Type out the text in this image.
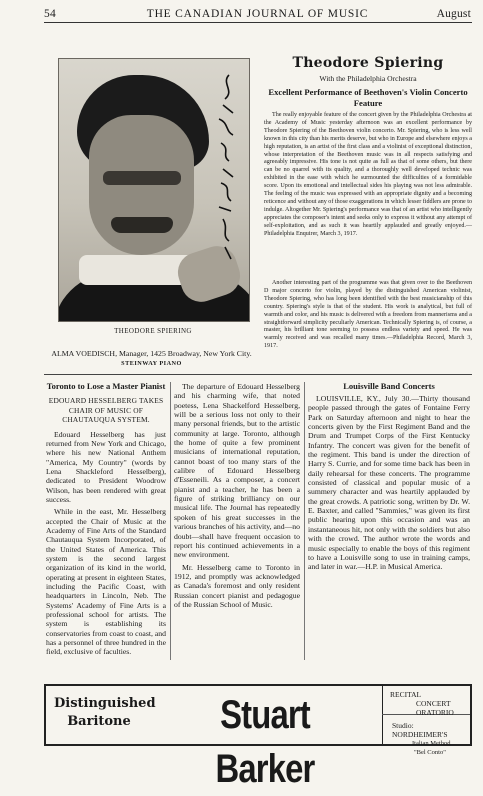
54	THE CANADIAN JOURNAL OF MUSIC	August
THEODORE SPIERING
ALMA VOEDISCH, Manager, 1425 Broadway, New York City.
STEINWAY PIANO
Theodore Spiering
With the Philadelphia Orchestra
Excellent Performance of Beethoven's Violin Concerto Feature
The really enjoyable feature of the concert given by the Philadelphia Orchestra at the Academy of Music yesterday afternoon was an excellent performance by Theodore Spiering of the Beethoven violin concerto. Mr. Spiering, who is less well known in this city than his merits deserve, but who in Europe and elsewhere enjoys a high reputation, is an artist of the first class and a violinist of exceptional distinction, whose interpretation of the Beethoven music was in all respects satisfying and agreeably impressive. His tone is not quite as full as that of some others, but there can be no quarrel with its quality, and a thoroughly well developed technic was exhibited in the ease with which he surmounted the difficulties of a formidable score. Upon its emotional and intellectual sides his playing was not less admirable. The feeling of the music was expressed with an appropriate dignity and a becoming reticence and without any of those exaggerations in which lesser fiddlers are prone to indulge. Altogether Mr. Spiering's performance was that of an artist who intelligently appreciates the composer's intent and seeks only to express it without any attempt of self-exploitation, and as such it was heartily applauded and greatly enjoyed.—Philadelphia Enquirer, March 3, 1917.
Another interesting part of the programme was that given over to the Beethoven D major concerto for violin, played by the distinguished American violinist, Theodore Spiering, who has long been identified with the best musicianship of this country. Spiering's style is that of the student. His work is analytical, but full of warmth and color, and his music is delivered with a freedom from mannerisms and a straightforward simplicity peculiarly American. Technically Spiering is, of course, a master, his brilliant tone seeming to possess endless variety and speed. He was warmly received and was recalled many times.—Philadelphia Record, March 3, 1917.
Toronto to Lose a Master Pianist
EDOUARD HESSELBERG TAKES CHAIR OF MUSIC OF CHAUTAUQUA SYSTEM.

Edouard Hesselberg has just returned from New York and Chicago, where his new National Anthem "America, My Country" (words by Lena Shackleford Hesselberg), dedicated to President Woodrow Wilson, has been rendered with great success.

While in the east, Mr. Hesselberg accepted the Chair of Music at the Academy of Fine Arts of the Standard Chautauqua System Incorporated, of the United States of America. This system is the second largest organization of its kind in the world, operating at present in eighteen States, including the Pacific Coast, with headquarters in Lincoln, Neb. The Systems' Academy of Fine Arts is a professional school for artists. The system is establishing its conservatories from coast to coast, and has a personnel of three hundred in the field, exclusive of faculties.

The departure of Edouard Hesselberg and his charming wife, that noted poetess, Lena Shackelford Hesselberg, will be a serious loss not only to their many personal friends, but to the artistic community at large. Toronto, although the home of quite a few prominent musicians of international reputation, cannot boast of too many stars of the calibre of Edouard Hesselberg d'Esseneili. As a composer, a concert pianist and a teacher, he has been a figure of striking brilliancy on our musical life. The Journal has repeatedly spoken of his great successes in the various branches of his activity, and—no doubt—shall have frequent occasion to report his continued achievements in a new environment.

Mr. Hesselberg came to Toronto in 1912, and promptly was acknowledged as Canada's foremost and only resident Russian concert pianist and pedagogue of the Russian School of Music.

Louisville Band Concerts

LOUISVILLE, KY., July 30.—Thirty thousand people passed through the gates of Fontaine Ferry Park on Saturday afternoon and night to hear the concerts given by the First Regiment Band and the Drum and Trumpet Corps of the First Kentucky Infantry. The concert was given for the benefit of the regiment. This band is under the direction of Harry S. Currie, and for some time back has been in daily rehearsal for these concerts. The programme consisted of classical and popular music of a summery character and was heartily applauded by the great crowds. A patriotic song, written by Dr. W. E. Baxter, and called "Sammies," was given its first public hearing upon this occasion and was an instantaneous hit, not only with the soldiers but also with the crowd. The author wrote the words and music especially to enable the boys of this regiment to have a Louisville song to use in training camps, and later in war.—H.P. in Musical America.

Distinguished
Baritone	Stuart Barker
RECITAL
CONCERT
ORATORIO
Studio: NORDHEIMER'S
Italian Method
"Bel Conto"
